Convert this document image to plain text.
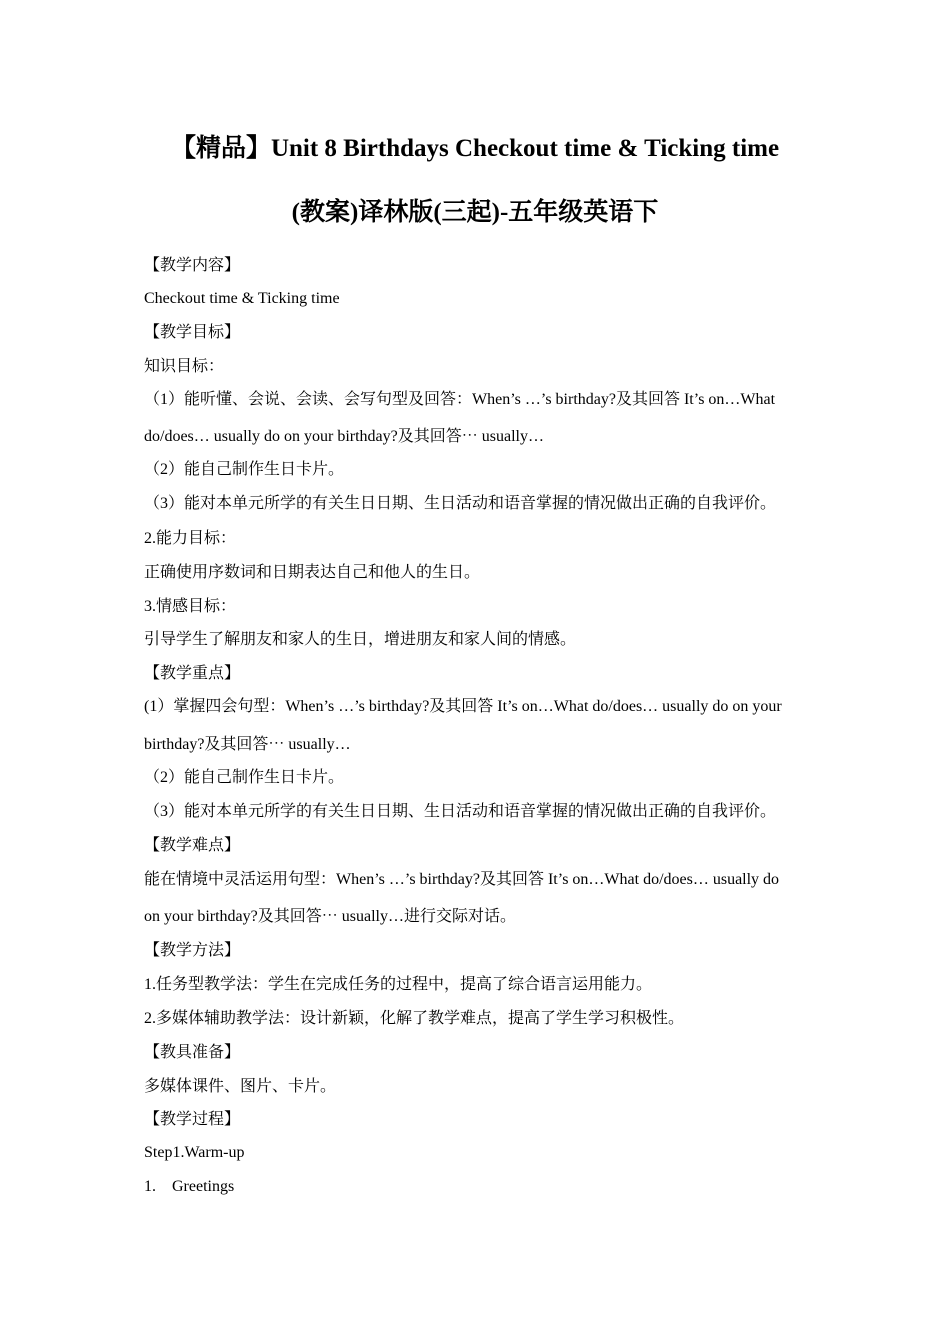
【精品】Unit 8 Birthdays Checkout time & Ticking time
(教案)译林版(三起)-五年级英语下
【教学内容】
Checkout time & Ticking time
【教学目标】
知识目标：
（1）能听懂、会说、会读、会写句型及回答：When’s …’s birthday?及其回答 It’s on…What
do/does… usually do on your birthday?及其回答⋯ usually…
（2）能自己制作生日卡片。
（3）能对本单元所学的有关生日日期、生日活动和语音掌握的情况做出正确的自我评价。
2.能力目标：
正确使用序数词和日期表达自己和他人的生日。
3.情感目标：
引导学生了解朋友和家人的生日，增进朋友和家人间的情感。
【教学重点】
(1）掌握四会句型：When’s …’s birthday?及其回答 It’s on…What do/does… usually do on your
birthday?及其回答⋯ usually…
（2）能自己制作生日卡片。
（3）能对本单元所学的有关生日日期、生日活动和语音掌握的情况做出正确的自我评价。
【教学难点】
能在情境中灵活运用句型：When’s …’s birthday?及其回答 It’s on…What do/does… usually do
on your birthday?及其回答⋯ usually…进行交际对话。
【教学方法】
1.任务型教学法：学生在完成任务的过程中，提高了综合语言运用能力。
2.多媒体辅助教学法：设计新颖，化解了教学难点，提高了学生学习积极性。
【教具准备】
多媒体课件、图片、卡片。
【教学过程】
Step1.Warm-up
1.    Greetings
